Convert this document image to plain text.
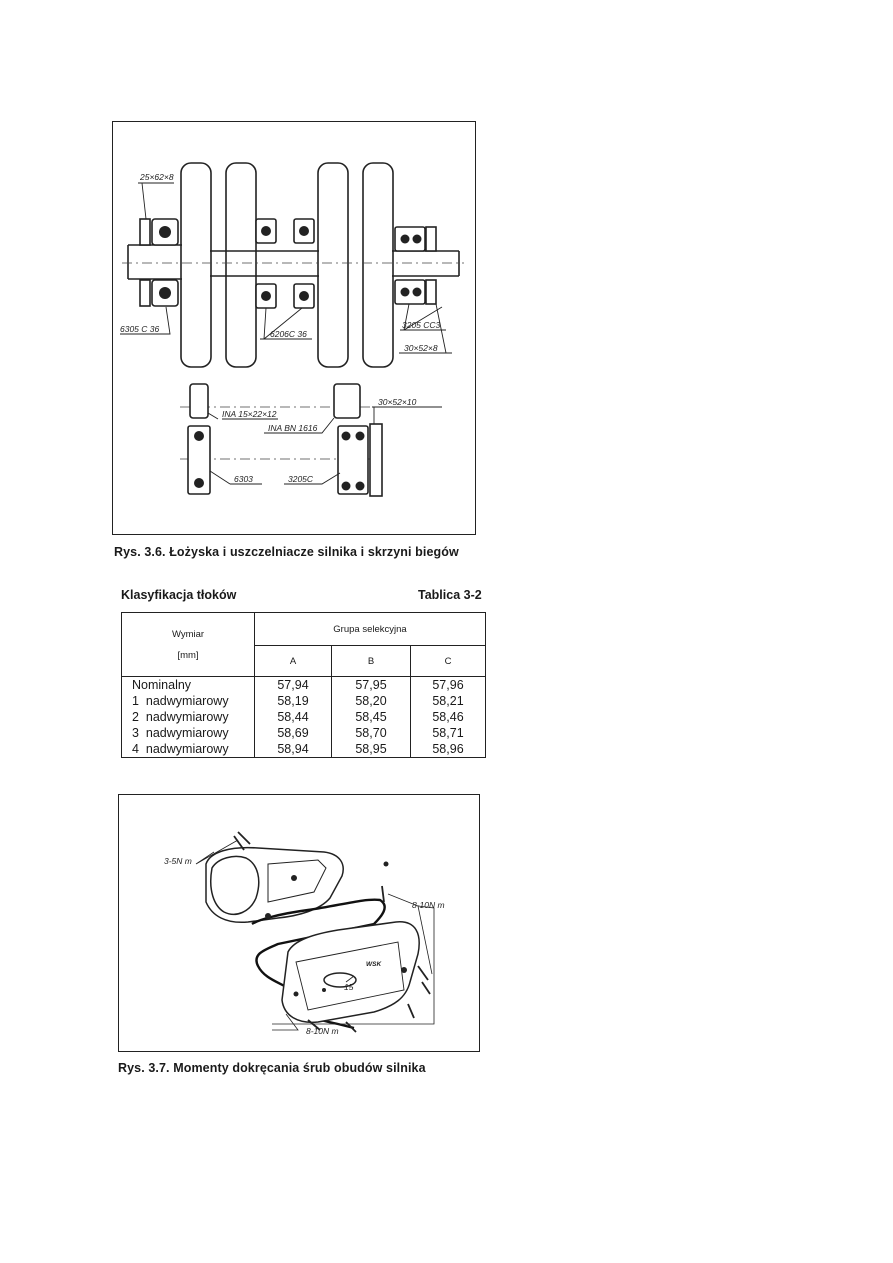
25×62×8
6305 C 36	6206C 36
3205 CC3
30×52×8
INA 15×22×12
INA BN 1616
30×52×10
6303	3205C
Rys. 3.6. Łożyska i uszczelniacze silnika i skrzyni biegów
Klasyfikacja tłoków	Tablica 3-2
Wymiar
[mm]	Grupa selekcyjna		
	A	B	C
Nominalny	57,94	57,95	57,96
1  nadwymiarowy	58,19	58,20	58,21
2  nadwymiarowy	58,44	58,45	58,46
3  nadwymiarowy	58,69	58,70	58,71
4  nadwymiarowy	58,94	58,95	58,96
3-5N m
8-10N m
8-10N m
15
WSK
Rys. 3.7. Momenty dokręcania śrub obudów silnika
